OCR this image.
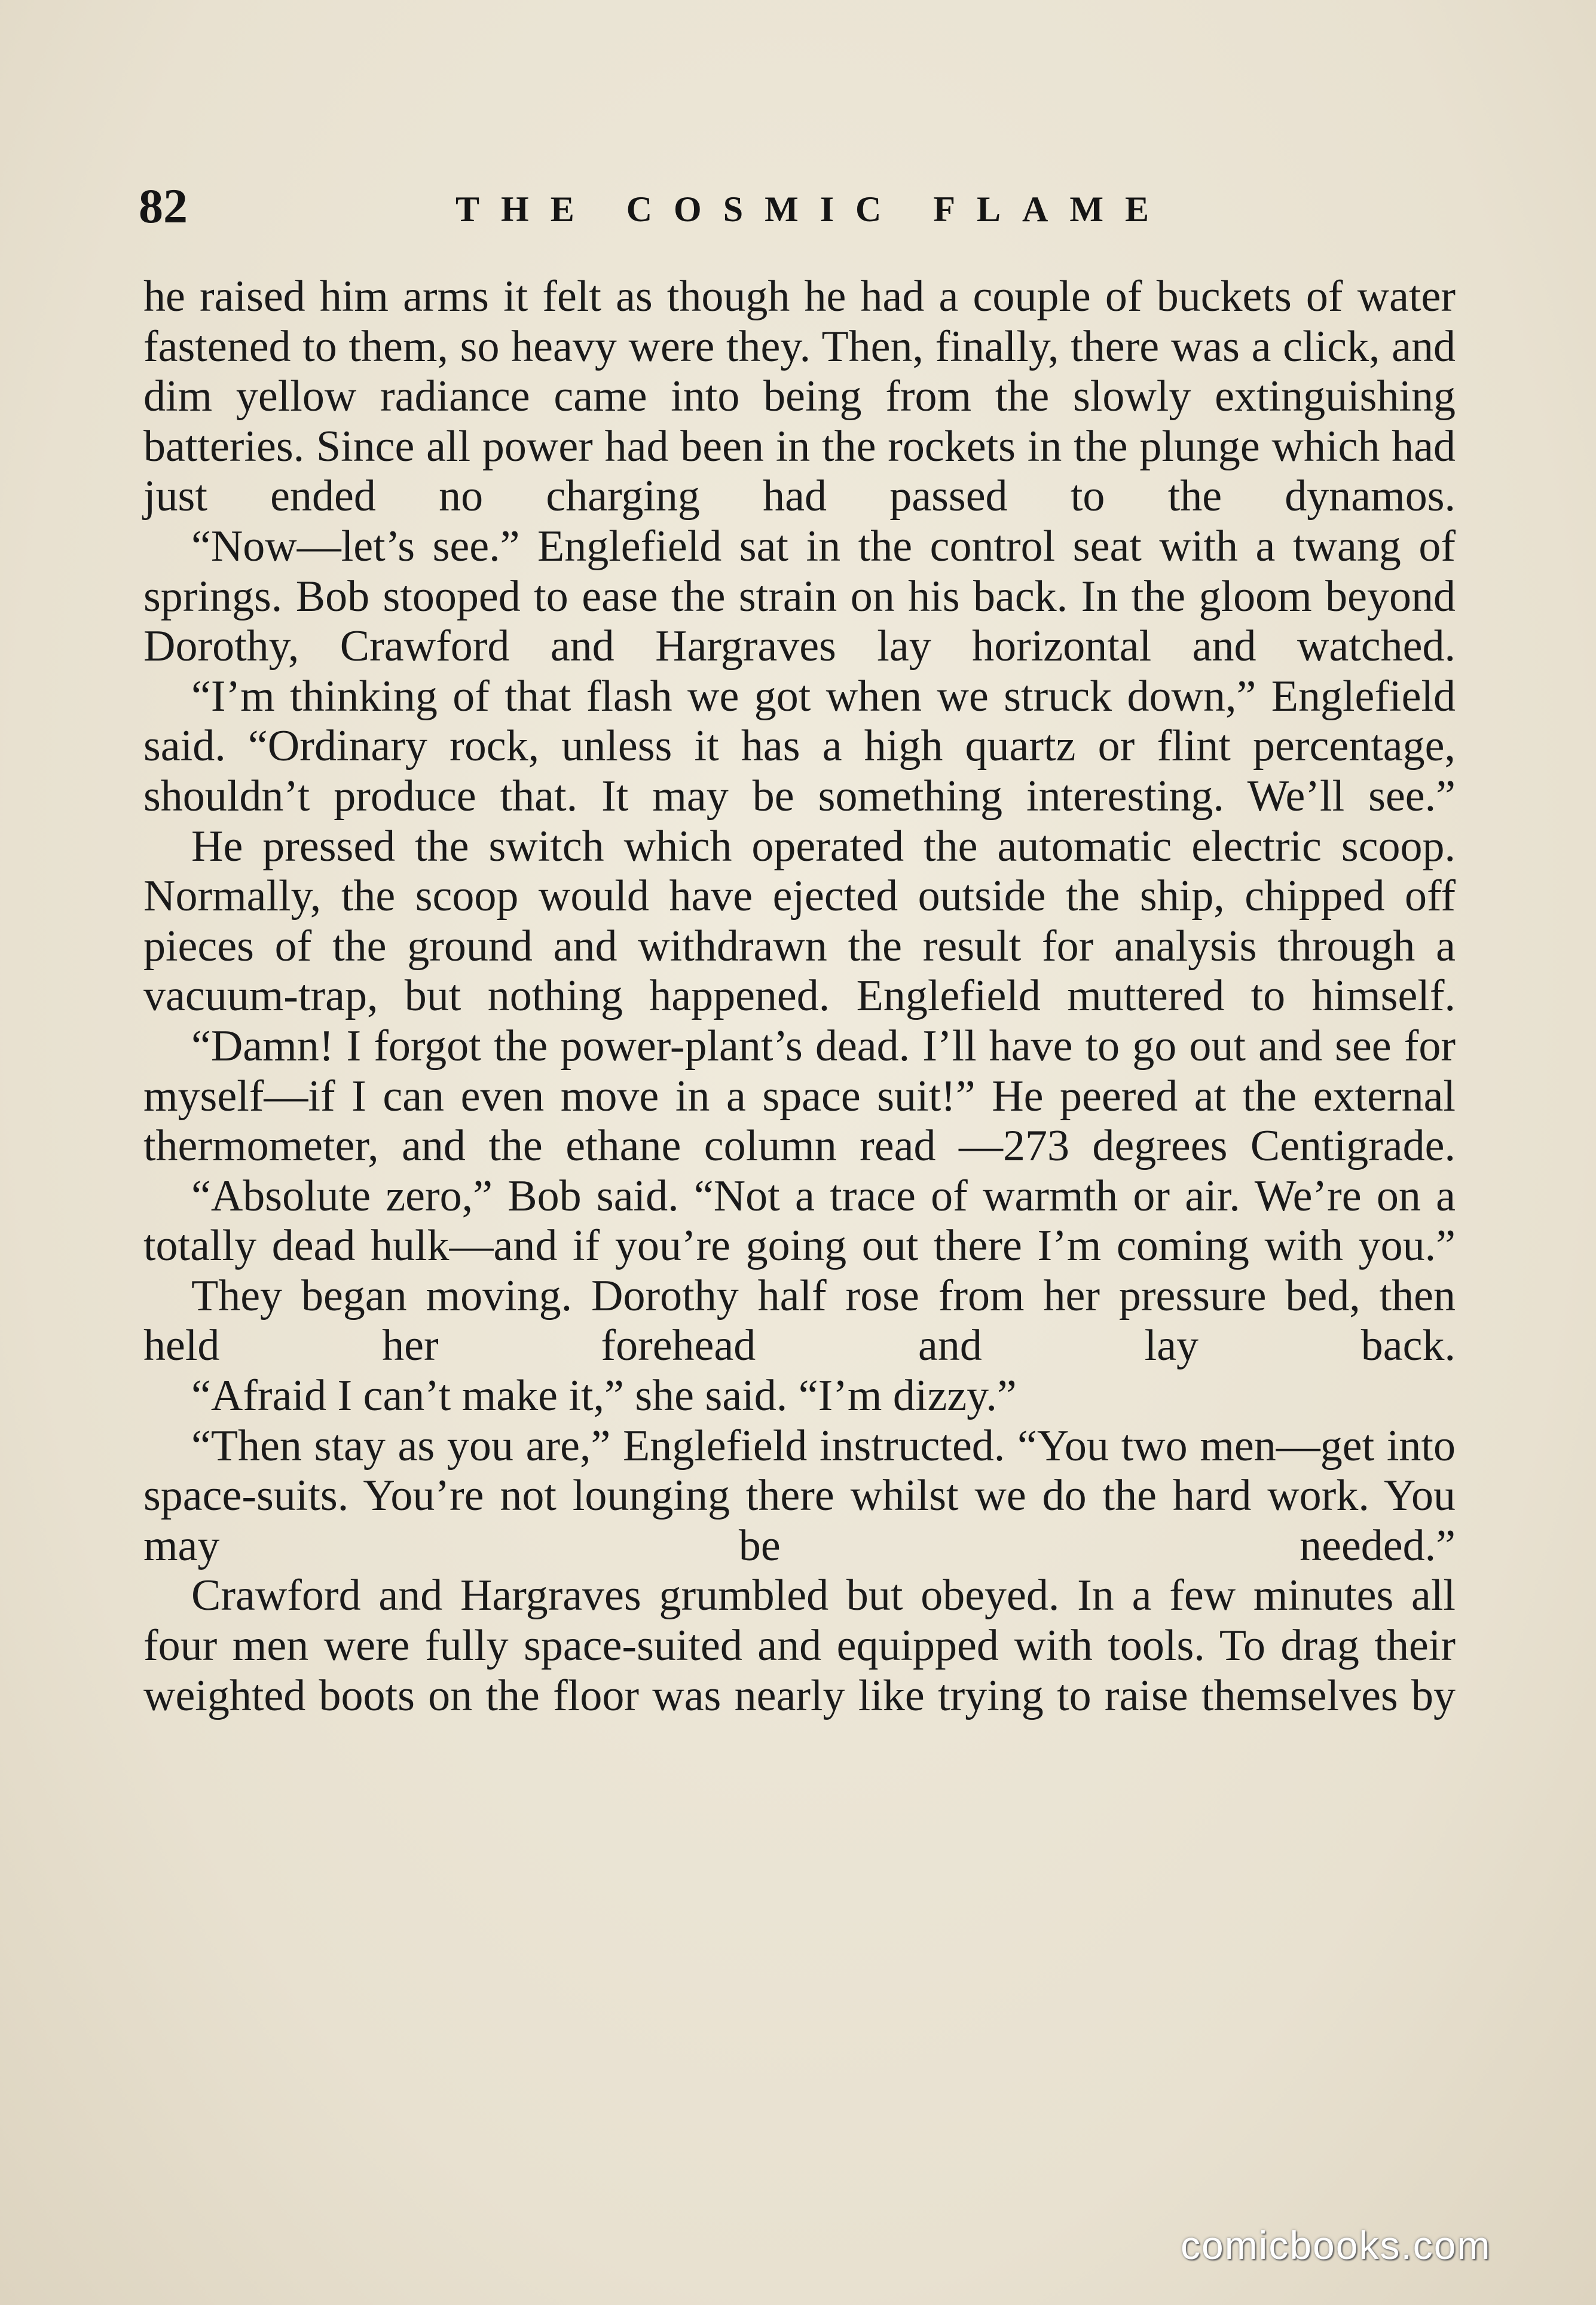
82	THE COSMIC FLAME

he raised him arms it felt as though he had a couple of buckets of water fastened to them, so heavy were they. Then, finally, there was a click, and dim yellow radiance came into being from the slowly extinguishing batteries. Since all power had been in the rockets in the plunge which had just ended no charging had passed to the dynamos.

“Now—let’s see.” Englefield sat in the control seat with a twang of springs. Bob stooped to ease the strain on his back. In the gloom beyond Dorothy, Crawford and Hargraves lay horizontal and watched.

“I’m thinking of that flash we got when we struck down,” Englefield said. “Ordinary rock, unless it has a high quartz or flint percentage, shouldn’t produce that. It may be something interesting. We’ll see.”

He pressed the switch which operated the automatic electric scoop. Normally, the scoop would have ejected outside the ship, chipped off pieces of the ground and withdrawn the result for analysis through a vacuum-trap, but nothing happened. Englefield muttered to himself.

“Damn! I forgot the power-plant’s dead. I’ll have to go out and see for myself—if I can even move in a space suit!” He peered at the external thermometer, and the ethane column read —273 degrees Centigrade.

“Absolute zero,” Bob said. “Not a trace of warmth or air. We’re on a totally dead hulk—and if you’re going out there I’m coming with you.”

They began moving. Dorothy half rose from her pressure bed, then held her forehead and lay back.

“Afraid I can’t make it,” she said. “I’m dizzy.”

“Then stay as you are,” Englefield instructed. “You two men—get into space-suits. You’re not lounging there whilst we do the hard work. You may be needed.”

Crawford and Hargraves grumbled but obeyed. In a few minutes all four men were fully space-suited and equipped with tools. To drag their weighted boots on the floor was nearly like trying to raise themselves by

comicbooks.com
